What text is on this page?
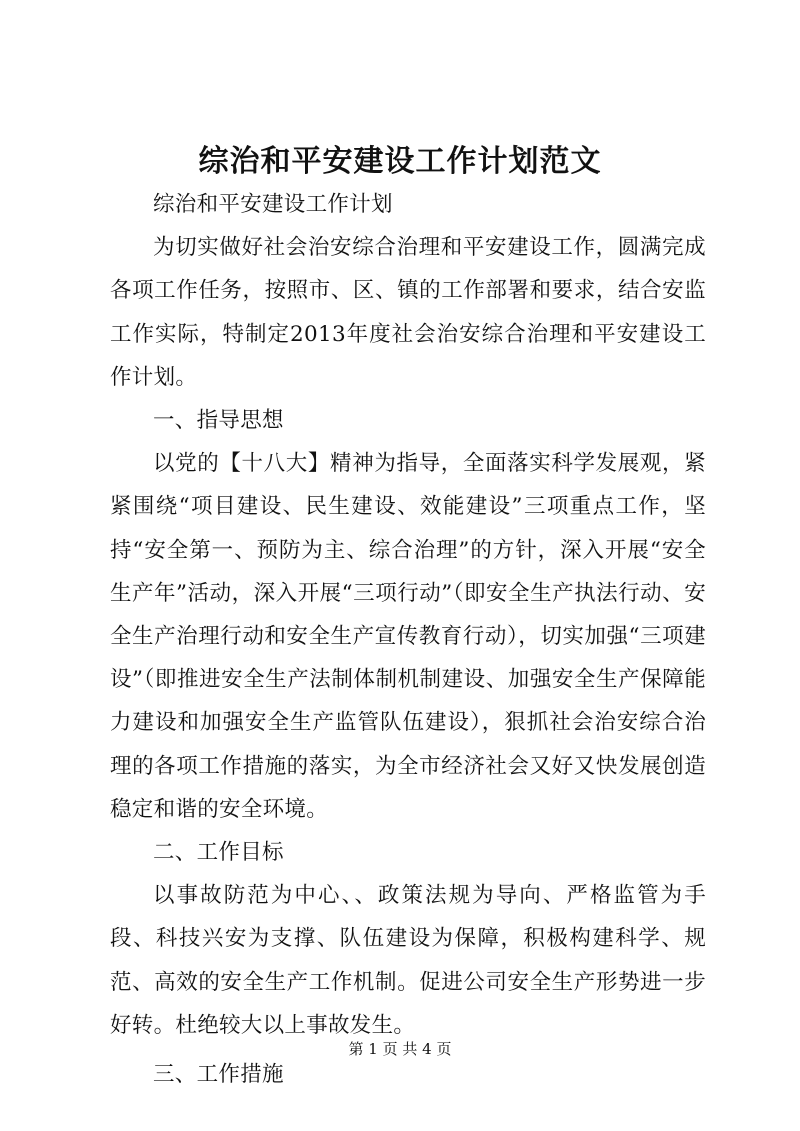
综治和平安建设工作计划范文

综治和平安建设工作计划

为切实做好社会治安综合治理和平安建设工作，圆满完成各项工作任务，按照市、区、镇的工作部署和要求，结合安监工作实际，特制定2013年度社会治安综合治理和平安建设工作计划。

一、指导思想

以党的【十八大】精神为指导，全面落实科学发展观，紧紧围绕“项目建设、民生建设、效能建设”三项重点工作，坚持“安全第一、预防为主、综合治理”的方针，深入开展“安全生产年”活动，深入开展“三项行动”（即安全生产执法行动、安全生产治理行动和安全生产宣传教育行动），切实加强“三项建设”（即推进安全生产法制体制机制建设、加强安全生产保障能力建设和加强安全生产监管队伍建设），狠抓社会治安综合治理的各项工作措施的落实，为全市经济社会又好又快发展创造稳定和谐的安全环境。

二、工作目标

以事故防范为中心、、政策法规为导向、严格监管为手段、科技兴安为支撑、队伍建设为保障，积极构建科学、规范、高效的安全生产工作机制。促进公司安全生产形势进一步好转。杜绝较大以上事故发生。

三、工作措施

第 1 页 共 4 页
